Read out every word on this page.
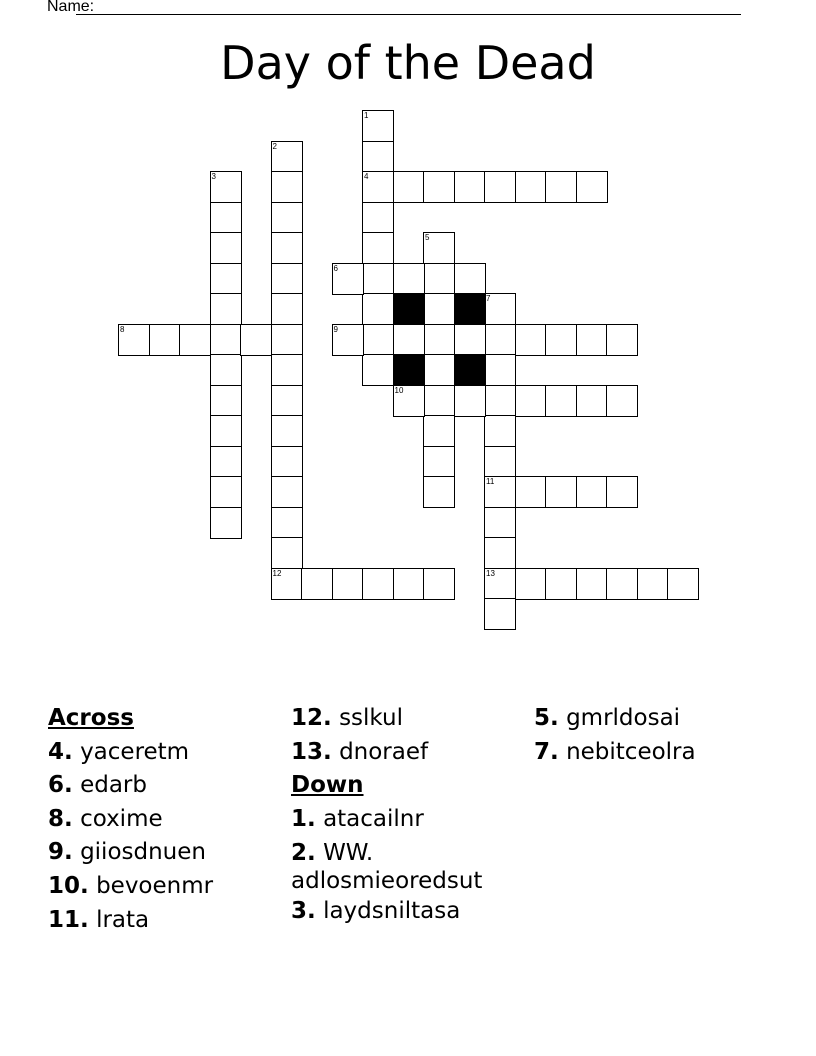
Name:
Day of the Dead
1
4
2
12
3
5
6
7
11
13
8	9
10
Across
4. yaceretm
6. edarb
8. coxime
9. giiosdnuen
10. bevoenmr
11. lrata
12. sslkul
13. dnoraef
Down
1. atacailnr
2. WW.
adlosmieoredsut
3. laydsniltasa
5. gmrldosai
7. nebitceolra
